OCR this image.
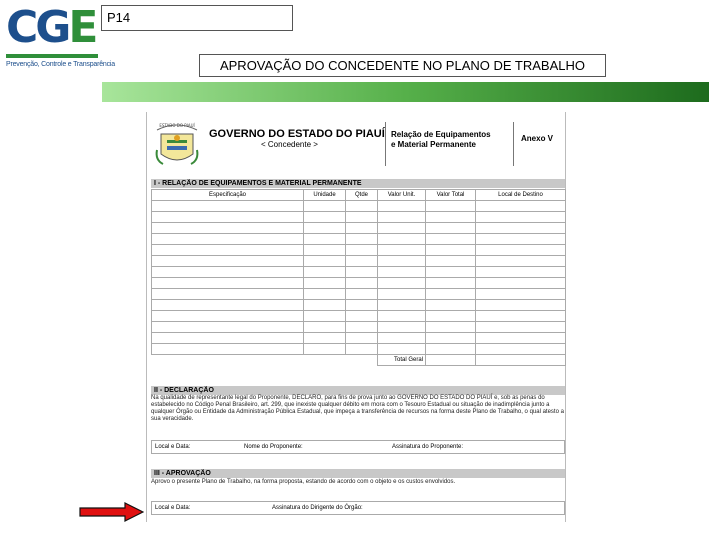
CGE
Prevenção, Controle e Transparência
P14
APROVAÇÃO DO CONCEDENTE NO PLANO DE TRABALHO
ESTADO DO PIAUÍ
GOVERNO DO ESTADO DO PIAUÍ
< Concedente >
Relação de Equipamentos
e Material Permanente
Anexo V
I - RELAÇÃO DE EQUIPAMENTOS E MATERIAL PERMANENTE
Especificação	Unidade	Qtde	Valor Unit.	Valor Total	Local de Destino

			Total Geral		
II - DECLARAÇÃO
Na qualidade de representante legal do Proponente, DECLARO, para fins de prova junto ao GOVERNO DO ESTADO DO PIAUÍ e, sob as penas do estabelecido no Código Penal Brasileiro, art. 299, que inexiste qualquer débito em mora com o Tesouro Estadual ou situação de inadimplência junto a qualquer Órgão ou Entidade da Administração Pública Estadual, que impeça a transferência de recursos na forma deste Plano de Trabalho, o qual atesto a sua veracidade.
Local e Data:	Nome do Proponente:	Assinatura do Proponente:
III - APROVAÇÃO
Aprovo o presente Plano de Trabalho, na forma proposta, estando de acordo com o objeto e os custos envolvidos.
Local e Data:	Assinatura do Dirigente do Órgão:
